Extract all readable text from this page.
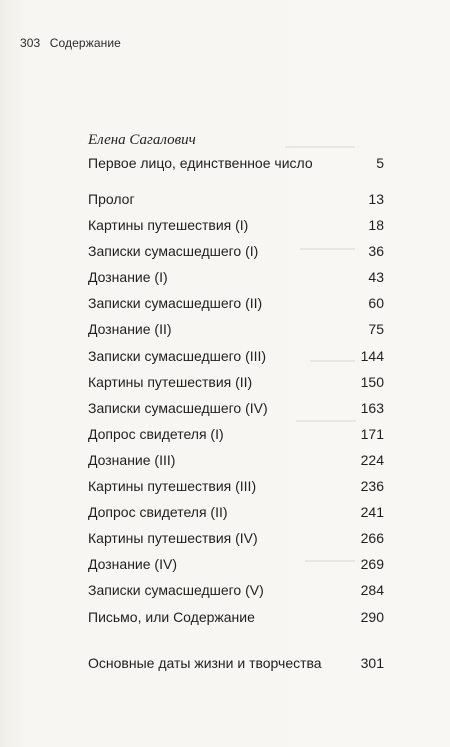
303 Содержание
Елена Сагалович
Первое лицо, единственное число	5
Пролог	13
Картины путешествия (I)	18
Записки сумасшедшего (I)	36
Дознание (I)	43
Записки сумасшедшего (II)	60
Дознание (II)	75
Записки сумасшедшего (III)	144
Картины путешествия (II)	150
Записки сумасшедшего (IV)	163
Допрос свидетеля (I)	171
Дознание (III)	224
Картины путешествия (III)	236
Допрос свидетеля (II)	241
Картины путешествия (IV)	266
Дознание (IV)	269
Записки сумасшедшего (V)	284
Письмо, или Содержание	290
Основные даты жизни и творчества	301
